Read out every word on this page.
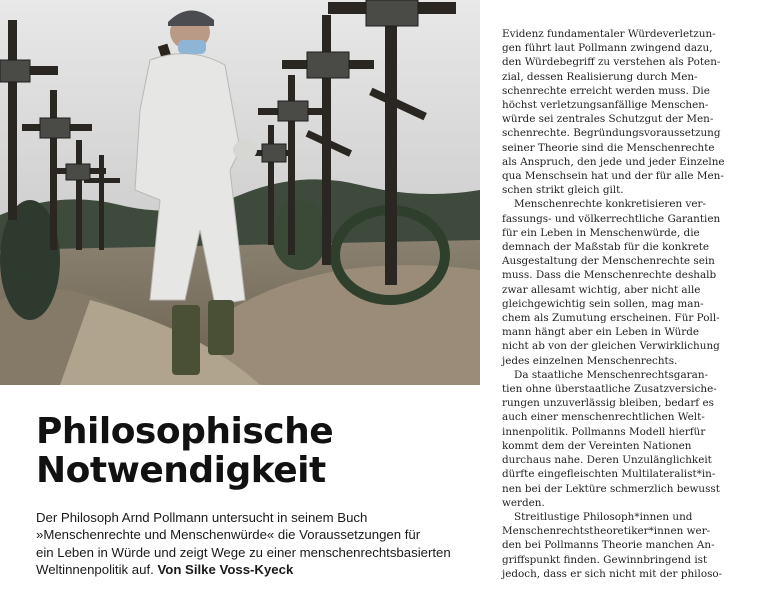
Philosophische
Notwendigkeit
Der Philosoph Arnd Pollmann untersucht in seinem Buch
»Menschenrechte und Menschenwürde« die Voraussetzungen für
ein Leben in Würde und zeigt Wege zu einer menschenrechtsbasierten
Weltinnenpolitik auf. Von Silke Voss-Kyeck
Evidenz fundamentaler Würdeverletzun-
gen führt laut Pollmann zwingend dazu,
den Würdebegriff zu verstehen als Poten-
zial, dessen Realisierung durch Men-
schenrechte erreicht werden muss. Die
höchst verletzungsanfällige Menschen-
würde sei zentrales Schutzgut der Men-
schenrechte. Begründungsvoraussetzung
seiner Theorie sind die Menschenrechte
als Anspruch, den jede und jeder Einzelne
qua Menschsein hat und der für alle Men-
schen strikt gleich gilt.
Menschenrechte konkretisieren ver-
fassungs- und völkerrechtliche Garantien
für ein Leben in Menschenwürde, die
demnach der Maßstab für die konkrete
Ausgestaltung der Menschenrechte sein
muss. Dass die Menschenrechte deshalb
zwar allesamt wichtig, aber nicht alle
gleichgewichtig sein sollen, mag man-
chem als Zumutung erscheinen. Für Poll-
mann hängt aber ein Leben in Würde
nicht ab von der gleichen Verwirklichung
jedes einzelnen Menschenrechts.
Da staatliche Menschenrechtsgaran-
tien ohne überstaatliche Zusatzversiche-
rungen unzuverlässig bleiben, bedarf es
auch einer menschenrechtlichen Welt-
innenpolitik. Pollmanns Modell hierfür
kommt dem der Vereinten Nationen
durchaus nahe. Deren Unzulänglichkeit
dürfte eingefleischten Multilateralist*in-
nen bei der Lektüre schmerzlich bewusst
werden.
Streitlustige Philosoph*innen und
Menschenrechtstheoretiker*innen wer-
den bei Pollmanns Theorie manchen An-
griffspunkt finden. Gewinnbringend ist
jedoch, dass er sich nicht mit der philoso-
